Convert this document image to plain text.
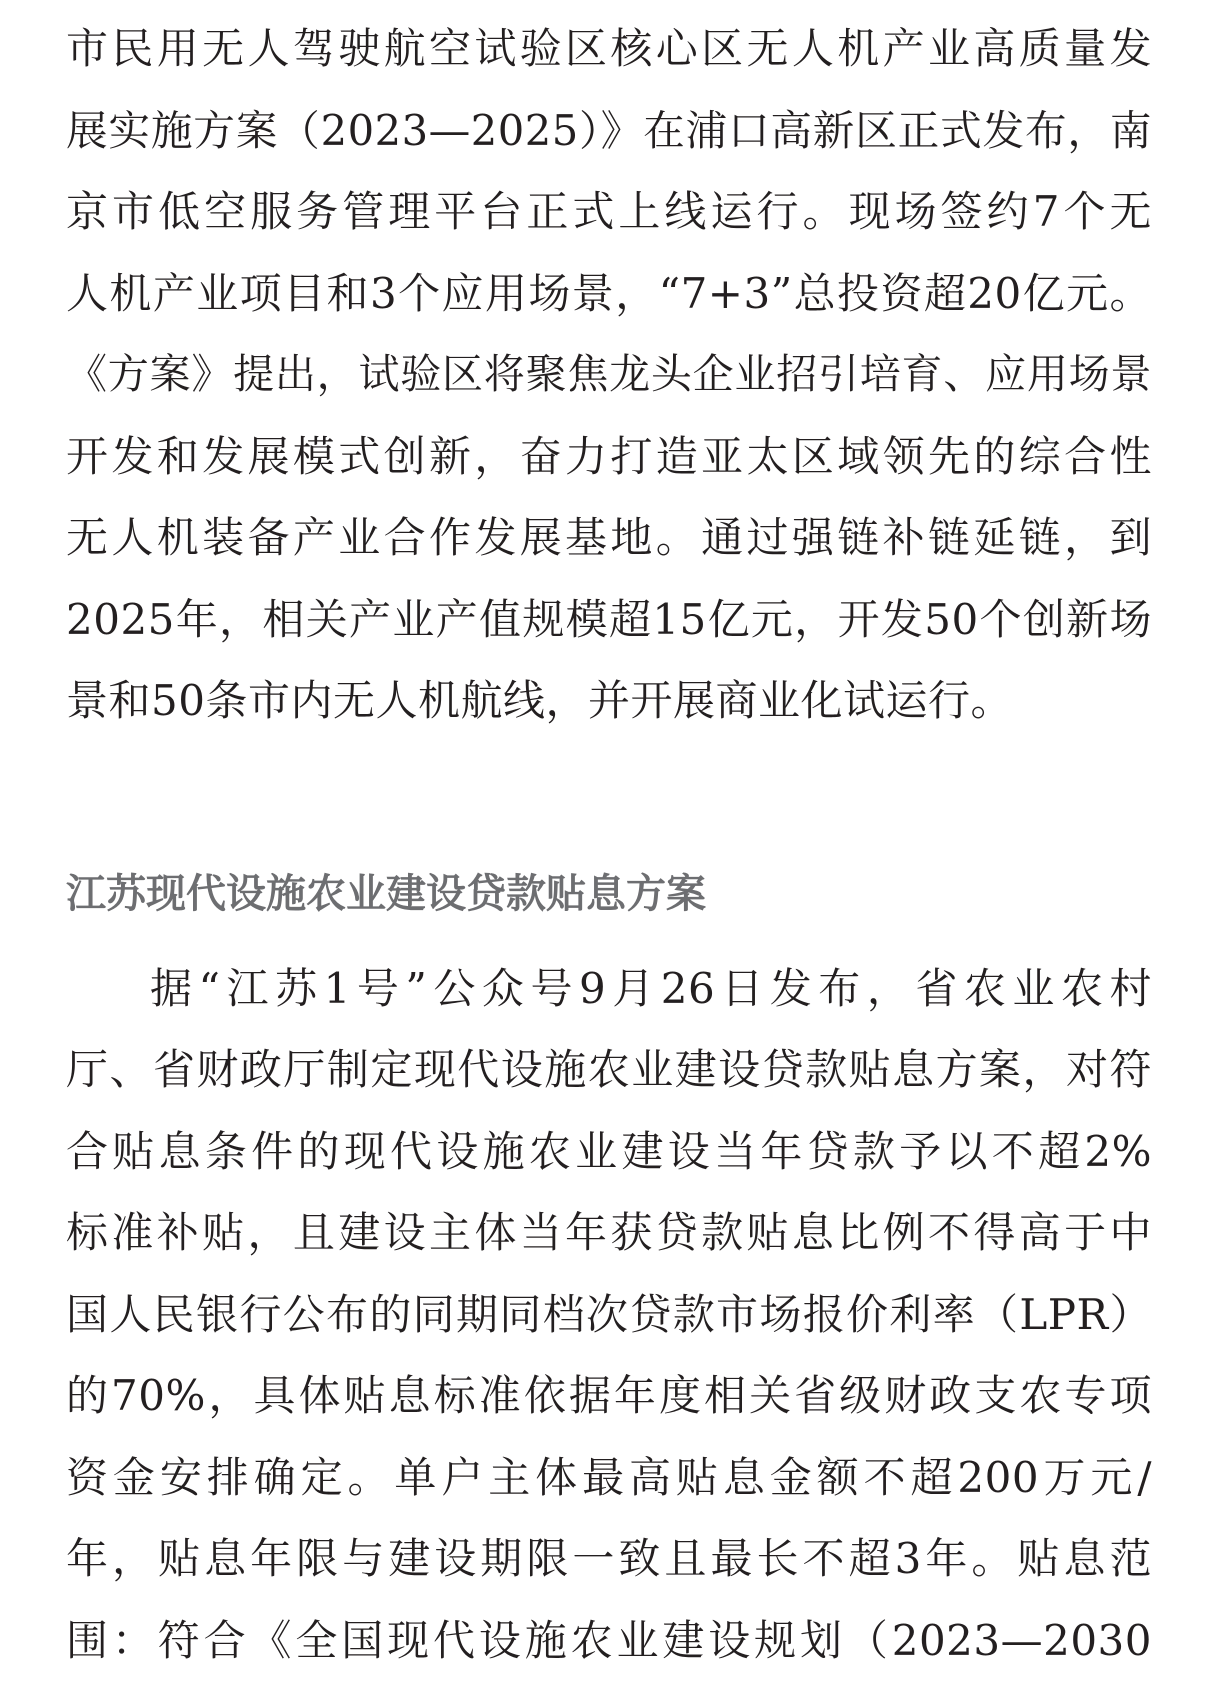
市民用无人驾驶航空试验区核心区无人机产业高质量发
展实施方案（2023—2025）》在浦口高新区正式发布，南
京市低空服务管理平台正式上线运行。现场签约7个无
人机产业项目和3个应用场景，“7+3”总投资超20亿元。
《方案》提出，试验区将聚焦龙头企业招引培育、应用场景
开发和发展模式创新，奋力打造亚太区域领先的综合性
无人机装备产业合作发展基地。通过强链补链延链，到
2025年，相关产业产值规模超15亿元，开发50个创新场
景和50条市内无人机航线，并开展商业化试运行。
江苏现代设施农业建设贷款贴息方案
据“江苏1号”公众号9月26日发布，省农业农村
厅、省财政厅制定现代设施农业建设贷款贴息方案，对符
合贴息条件的现代设施农业建设当年贷款予以不超2%
标准补贴，且建设主体当年获贷款贴息比例不得高于中
国人民银行公布的同期同档次贷款市场报价利率（LPR）
的70%，具体贴息标准依据年度相关省级财政支农专项
资金安排确定。单户主体最高贴息金额不超200万元/
年，贴息年限与建设期限一致且最长不超3年。贴息范
围：符合《全国现代设施农业建设规划（2023—2030
